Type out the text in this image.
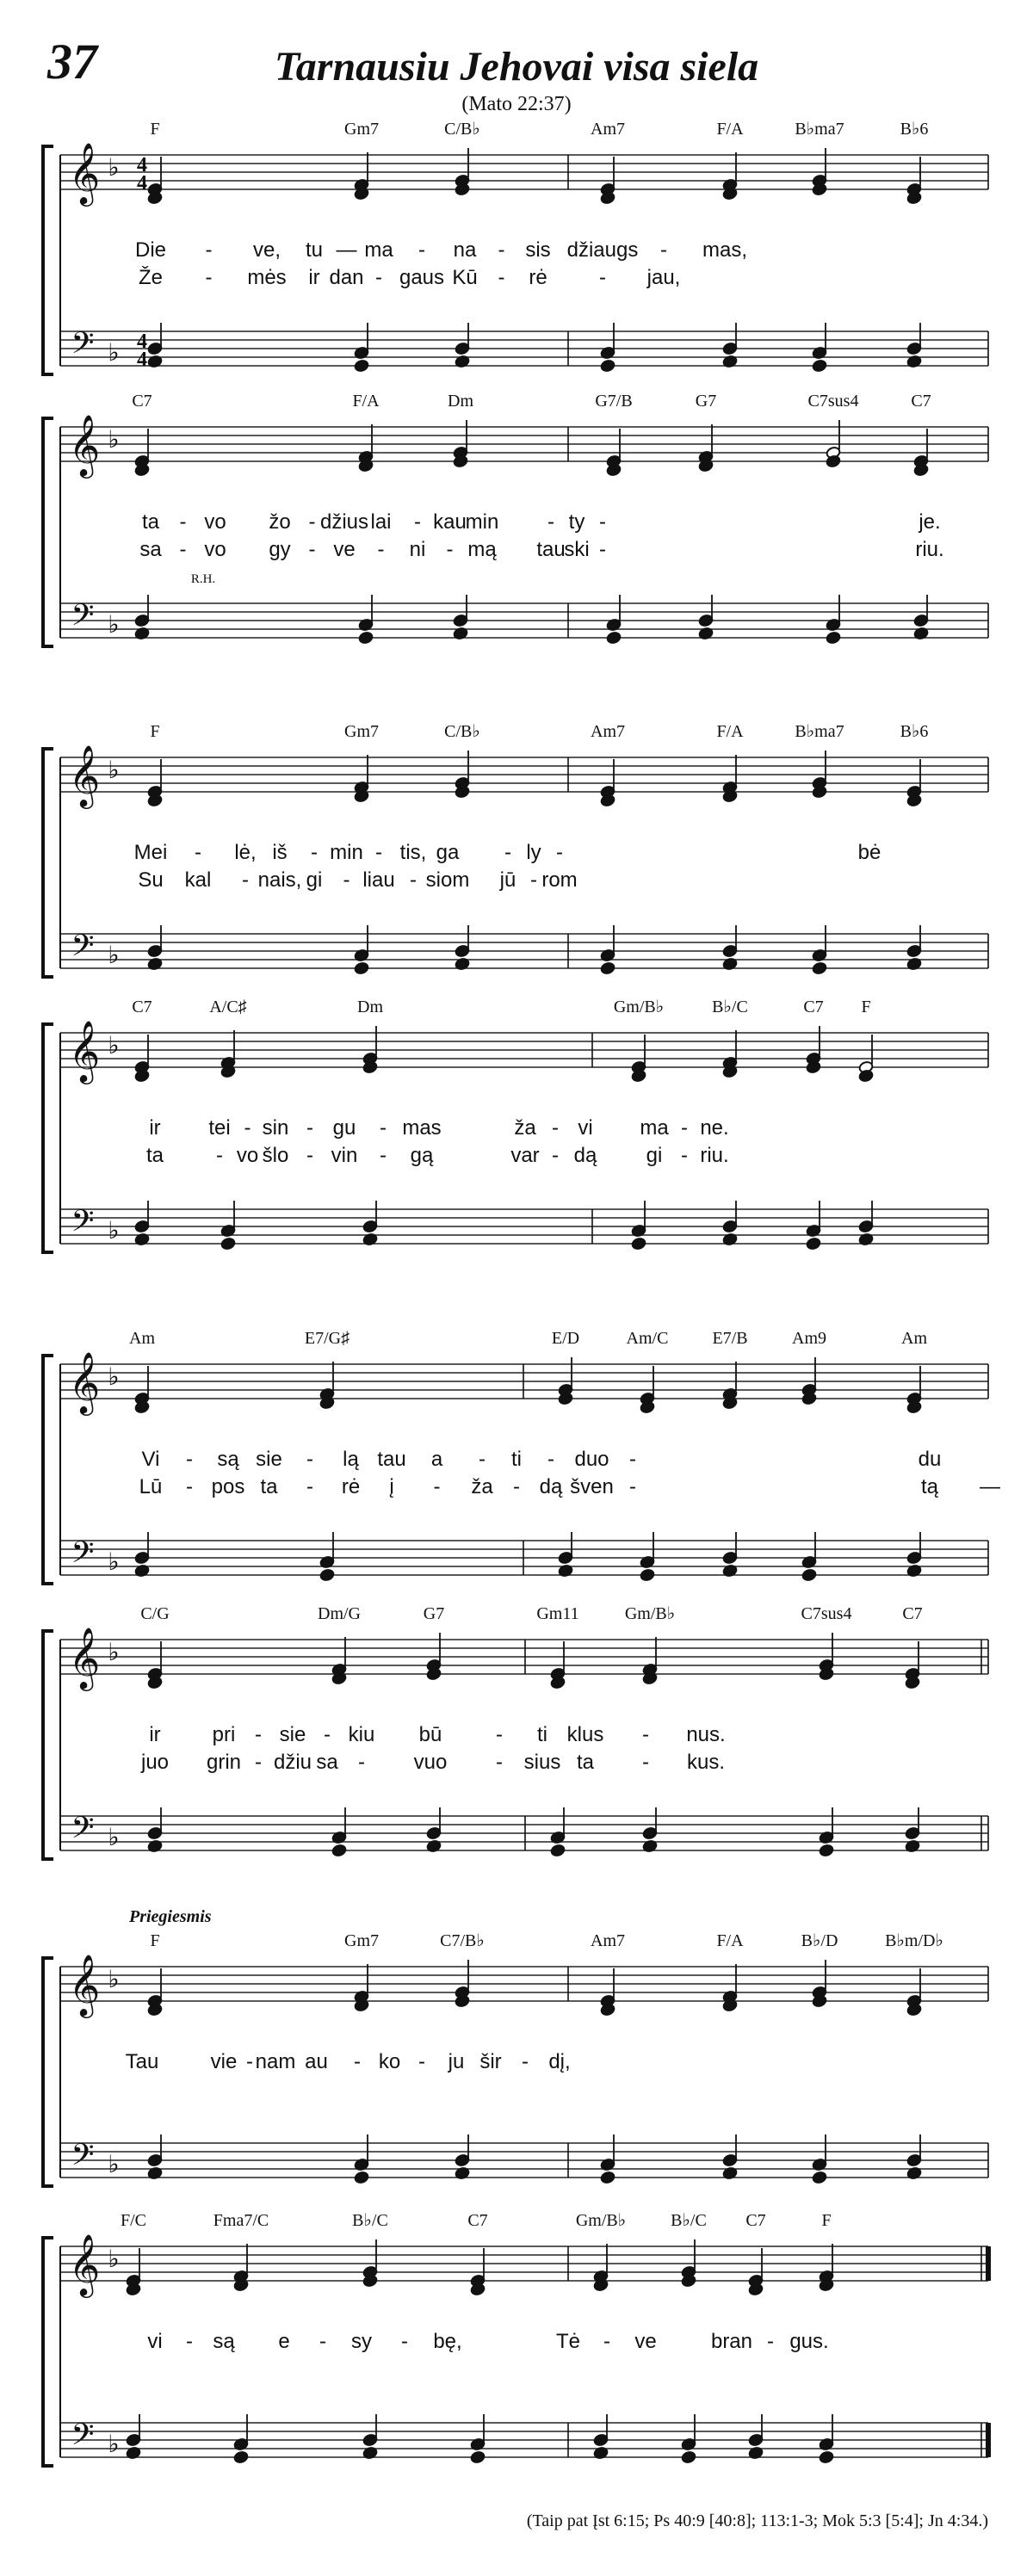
37	Tarnausiu Jehovai visa siela
(Mato 22:37)
𝄞
𝄢
♭
♭
4
4
4
4
F	Gm7	C/B♭	Am7	F/A	B♭ma7	B♭6
Die - ve, tu — ma - na - sis džiaugs - mas,
Že - mės ir dan - gaus Kū - rė	- jau,
𝄞
𝄢
♭
♭
C7	F/A	Dm	G7/B	G7	C7sus4	C7
R.H.
ta - vo žo - džius lai - kau
min - ty -	je.
sa - vo gy - ve - ni - mą tau
ski -	riu.
𝄞
𝄢
♭
♭
F	Gm7	C/B♭	Am7	F/A	B♭ma7	B♭6
Mei - lė, iš - min - tis, ga - ly -	bė
Su kal - nais, gi - liau - siom jū - rom
𝄞
𝄢
♭
♭
C7	A/C♯	Dm	Gm/B♭	B♭/C	C7 F
ir tei - sin - gu - mas	ža - vi ma - ne.
ta	- vo šlo - vin - gą	var - dą gi - riu.
𝄞
𝄢
♭
♭
Am	E7/G♯	E/D	Am/C	E7/B	Am9	Am
Vi - są sie - lą tau a - ti - duo -	du
Lū - pos ta - rė į - ža - dą šven -	tą —
𝄞
𝄢
♭
♭
C/G	Dm/G	G7	Gm11	Gm/B♭	C7sus4	C7
ir	pri - sie - kiu bū	- ti klus - nus.
juo grin - džiu sa - vuo - sius ta - kus.
𝄞
𝄢
♭
♭
F	Gm7	C7/B♭	Am7	F/A	B♭/D	B♭m/D♭
Priegiesmis
Tau	vie - nam au - ko - ju šir - dį,
𝄞
𝄢
♭
♭
F/C	Fma7/C	B♭/C	C7	Gm/B♭	B♭/C C7	F
vi - są e - sy - bę,	Tė - ve	bran - gus.
(Taip pat Įst 6:15; Ps 40:9 [40:8]; 113:1-3; Mok 5:3 [5:4]; Jn 4:34.)
